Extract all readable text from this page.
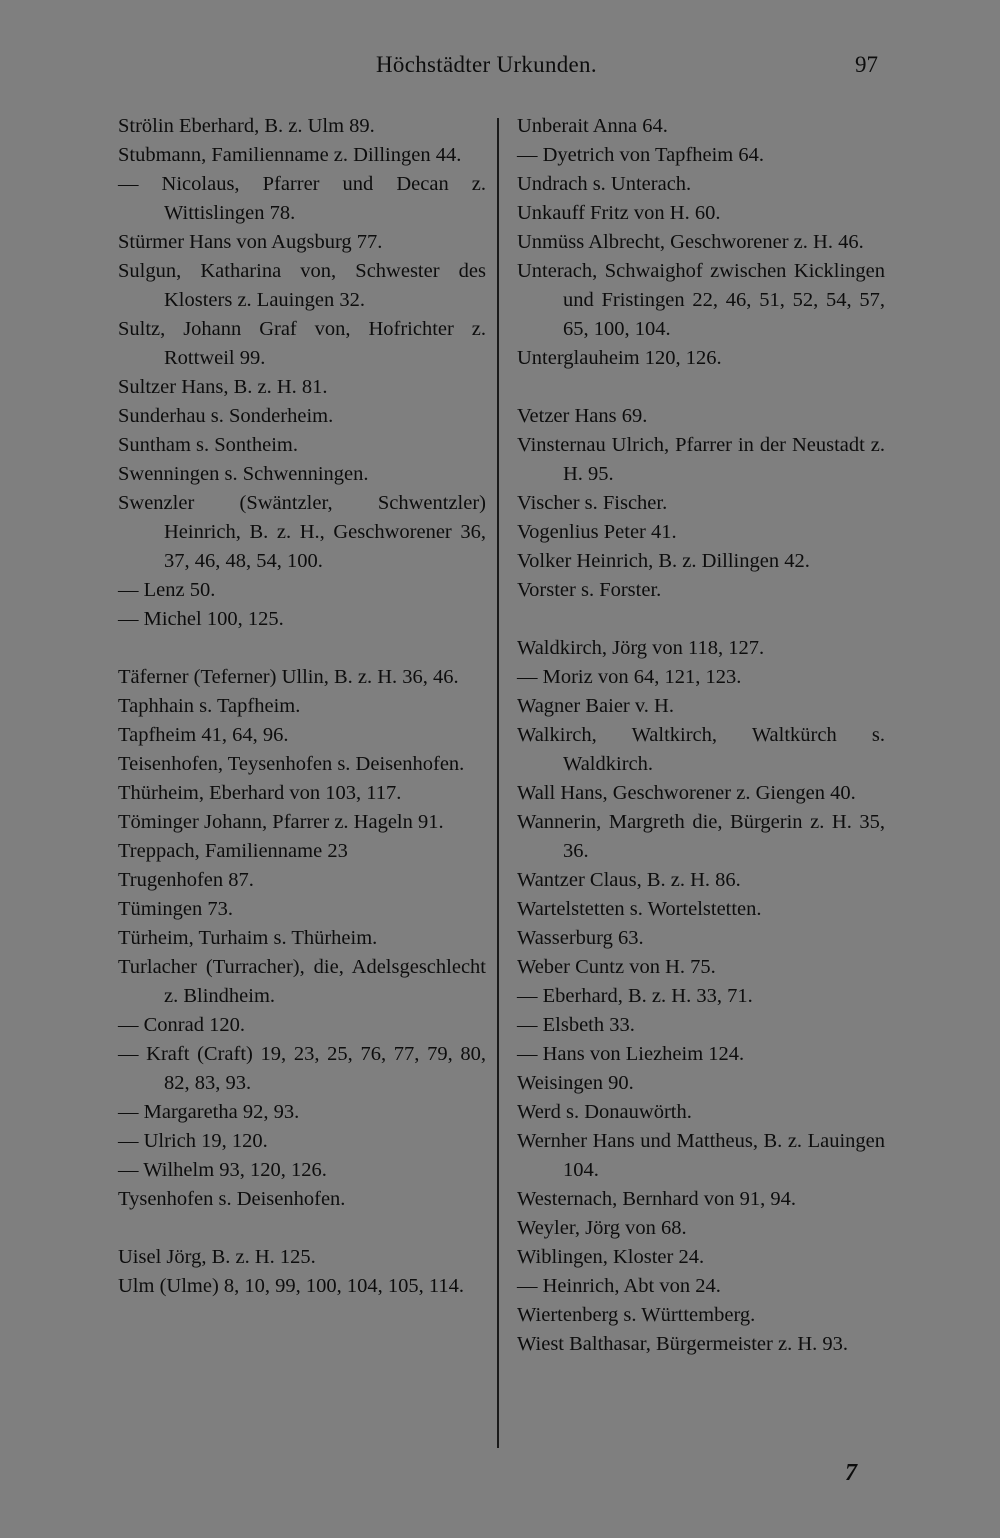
Höchstädter Urkunden.	97
Strölin Eberhard, B. z. Ulm 89.
Stubmann, Familienname z. Dillingen 44.
— Nicolaus, Pfarrer und Decan z. Wittislingen 78.
Stürmer Hans von Augsburg 77.
Sulgun, Katharina von, Schwester des Klosters z. Lauingen 32.
Sultz, Johann Graf von, Hofrichter z. Rottweil 99.
Sultzer Hans, B. z. H. 81.
Sunderhau s. Sonderheim.
Suntham s. Sontheim.
Swenningen s. Schwenningen.
Swenzler (Swäntzler, Schwentzler) Heinrich, B. z. H., Geschworener 36, 37, 46, 48, 54, 100.
— Lenz 50.
— Michel 100, 125.
Täferner (Teferner) Ullin, B. z. H. 36, 46.
Taphhain s. Tapfheim.
Tapfheim 41, 64, 96.
Teisenhofen, Teysenhofen s. Deisenhofen.
Thürheim, Eberhard von 103, 117.
Töminger Johann, Pfarrer z. Hageln 91.
Treppach, Familienname 23
Trugenhofen 87.
Tümingen 73.
Türheim, Turhaim s. Thürheim.
Turlacher (Turracher), die, Adelsgeschlecht z. Blindheim.
— Conrad 120.
— Kraft (Craft) 19, 23, 25, 76, 77, 79, 80, 82, 83, 93.
— Margaretha 92, 93.
— Ulrich 19, 120.
— Wilhelm 93, 120, 126.
Tysenhofen s. Deisenhofen.
Uisel Jörg, B. z. H. 125.
Ulm (Ulme) 8, 10, 99, 100, 104, 105, 114.
Unberait Anna 64.
— Dyetrich von Tapfheim 64.
Undrach s. Unterach.
Unkauff Fritz von H. 60.
Unmüss Albrecht, Geschworener z. H. 46.
Unterach, Schwaighof zwischen Kicklingen und Fristingen 22, 46, 51, 52, 54, 57, 65, 100, 104.
Unterglauheim 120, 126.
Vetzer Hans 69.
Vinsternau Ulrich, Pfarrer in der Neustadt z. H. 95.
Vischer s. Fischer.
Vogenlius Peter 41.
Volker Heinrich, B. z. Dillingen 42.
Vorster s. Forster.
Waldkirch, Jörg von 118, 127.
— Moriz von 64, 121, 123.
Wagner Baier v. H.
Walkirch, Waltkirch, Waltkürch s. Waldkirch.
Wall Hans, Geschworener z. Giengen 40.
Wannerin, Margreth die, Bürgerin z. H. 35, 36.
Wantzer Claus, B. z. H. 86.
Wartelstetten s. Wortelstetten.
Wasserburg 63.
Weber Cuntz von H. 75.
— Eberhard, B. z. H. 33, 71.
— Elsbeth 33.
— Hans von Liezheim 124.
Weisingen 90.
Werd s. Donauwörth.
Wernher Hans und Mattheus, B. z. Lauingen 104.
Westernach, Bernhard von 91, 94.
Weyler, Jörg von 68.
Wiblingen, Kloster 24.
— Heinrich, Abt von 24.
Wiertenberg s. Württemberg.
Wiest Balthasar, Bürgermeister z. H. 93.
7
